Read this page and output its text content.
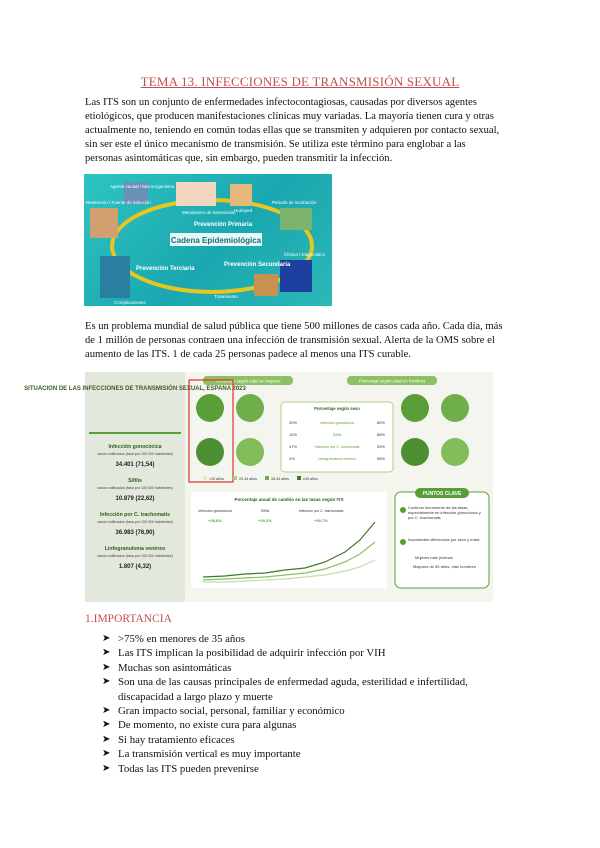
TEMA 13. INFECCIONES DE TRANSMISIÓN SEXUAL
Las ITS son un conjunto de enfermedades infectocontagiosas, causadas por diversos agentes etiológicos, que producen manifestaciones clínicas muy variadas. La mayoría tienen cura y otras actualmente no, teniendo en común todas ellas que se transmiten y adquieren por contacto sexual, sin ser este el único mecanismo de transmisión. Se utiliza este término para englobar a las personas asintomáticas que, sin embargo, pueden transmitir la infección.
Cadena Epidemiológica
Agente causal / Microorganismo
Reservorio / Fuente de infección
Mecanismo de transmisión
Huésped
Periodo de incubación
Prevención Primaria
Prevención Secundaria
Prevención Terciaria
Clínica / Diagnóstico
Tratamiento
Complicaciones
Es un problema mundial de salud pública que tiene 500 millones de casos cada año. Cada día, más de 1 millón de personas contraen una infección de transmisión sexual. Alerta de la OMS sobre el aumento de las ITS. 1 de cada 25 personas padece al menos una ITS curable.
SITUACION DE LAS INFECCIONES DE TRANSMISIÓN SEXUAL, ESPAÑA 2023
Infección gonocócica
casos notificados (tasa por 100.000 habitantes)
34.401 (71,54)
Sífilis
casos notificados (tasa por 100.000 habitantes)
10.879 (22,62)
Infección por C. trachomatis
casos notificados (tasa por 100.000 habitantes)
36.983 (76,90)
Linfogranuloma venéreo
casos notificados (tasa por 100.000 habitantes)
1.807 (4,32)
Porcentaje según edad en mujeres
Porcentaje según sexo
20%	Infección gonocócica	80%
12%	Sífilis	88%
47%	Infección por C. trachomatis	53%
2%	Linfogranuloma venéreo	98%
Porcentaje según edad en hombres
<20 años	20-34 años	35-44 años	≥45 años
Porcentaje anual de cambio en las tasas según ITS
Infección gonocócica
+45,6%
Sífilis
+20,2%
Infección por C. trachomatis
+30,7%
PUNTOS CLAVE
Continuo incremento de las tasas, especialmente en infección gonocócica y por C. trachomatis
Importantes diferencias por sexo y edad:
Mujeres más jóvenes
Mayores de 55 años, más hombres
1.IMPORTANCIA
➤ >75% en menores de 35 años
➤ Las ITS implican la posibilidad de adquirir infección por VIH
➤ Muchas son asintomáticas
➤ Son una de las causas principales de enfermedad aguda, esterilidad e infertilidad, discapacidad a largo plazo y muerte
➤ Gran impacto social, personal, familiar y económico
➤ De momento, no existe cura para algunas
➤ Si hay tratamiento eficaces
➤ La transmisión vertical es muy importante
➤ Todas las ITS pueden prevenirse
